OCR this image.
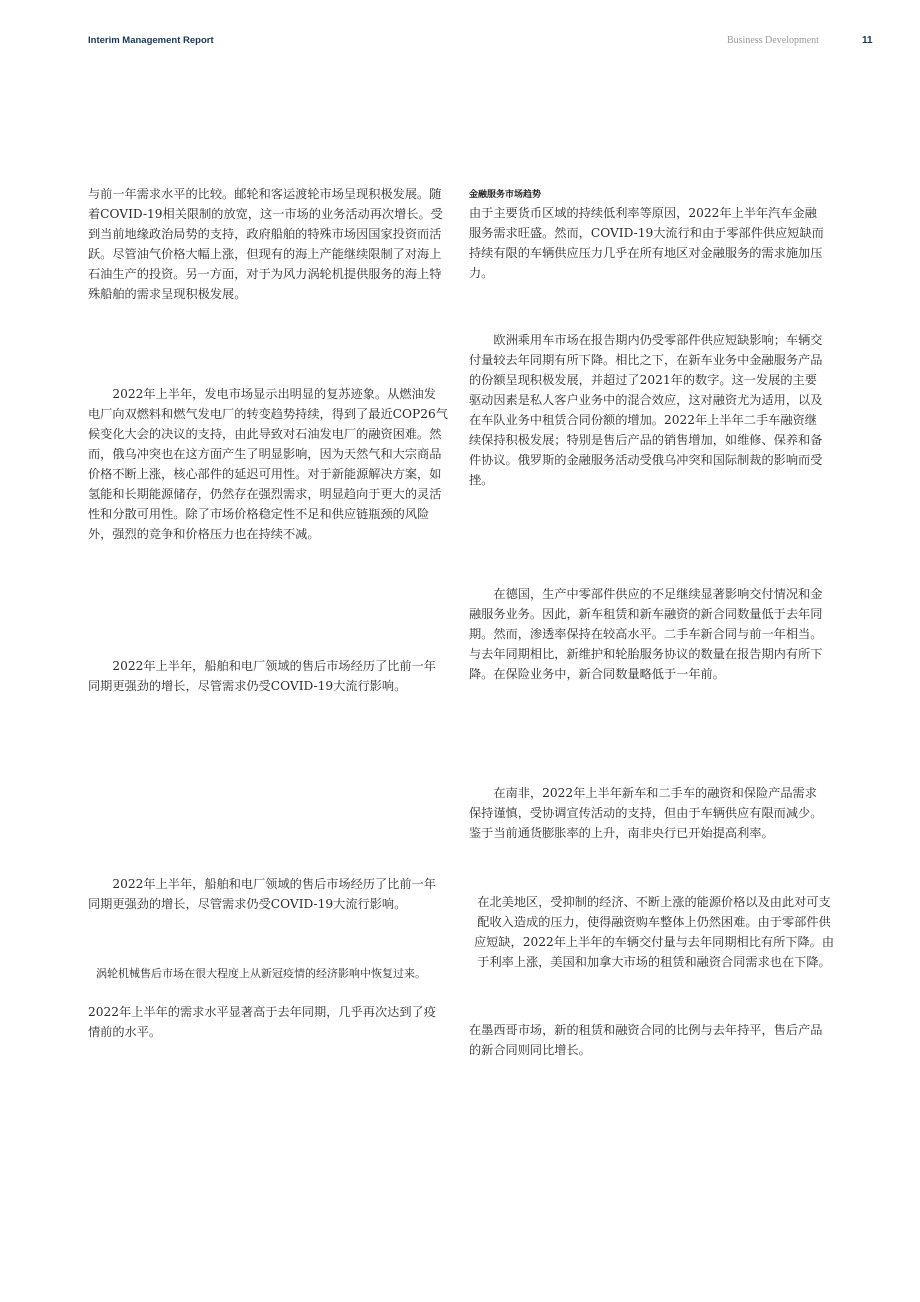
Interim Management Report	Business Development	11

与前一年需求水平的比较。邮轮和客运渡轮市场呈现积极发展。随着COVID-19相关限制的放宽，这一市场的业务活动再次增长。受到当前地缘政治局势的支持，政府船舶的特殊市场因国家投资而活跃。尽管油气价格大幅上涨，但现有的海上产能继续限制了对海上石油生产的投资。另一方面，对于为风力涡轮机提供服务的海上特殊船舶的需求呈现积极发展。

2022年上半年，发电市场显示出明显的复苏迹象。从燃油发电厂向双燃料和燃气发电厂的转变趋势持续，得到了最近COP26气候变化大会的决议的支持，由此导致对石油发电厂的融资困难。然而，俄乌冲突也在这方面产生了明显影响，因为天然气和大宗商品价格不断上涨，核心部件的延迟可用性。对于新能源解决方案，如氢能和长期能源储存，仍然存在强烈需求，明显趋向于更大的灵活性和分散可用性。除了市场价格稳定性不足和供应链瓶颈的风险外，强烈的竞争和价格压力也在持续不减。

2022年上半年，船舶和电厂领域的售后市场经历了比前一年同期更强劲的增长，尽管需求仍受COVID-19大流行影响。

2022年上半年，船舶和电厂领域的售后市场经历了比前一年同期更强劲的增长，尽管需求仍受COVID-19大流行影响。

涡轮机械售后市场在很大程度上从新冠疫情的经济影响中恢复过来。

2022年上半年的需求水平显著高于去年同期，几乎再次达到了疫情前的水平。

金融服务市场趋势

由于主要货币区域的持续低利率等原因，2022年上半年汽车金融服务需求旺盛。然而，COVID-19大流行和由于零部件供应短缺而持续有限的车辆供应压力几乎在所有地区对金融服务的需求施加压力。

欧洲乘用车市场在报告期内仍受零部件供应短缺影响；车辆交付量较去年同期有所下降。相比之下，在新车业务中金融服务产品的份额呈现积极发展，并超过了2021年的数字。这一发展的主要驱动因素是私人客户业务中的混合效应，这对融资尤为适用，以及在车队业务中租赁合同份额的增加。2022年上半年二手车融资继续保持积极发展；特别是售后产品的销售增加，如维修、保养和备件协议。俄罗斯的金融服务活动受俄乌冲突和国际制裁的影响而受挫。

在德国，生产中零部件供应的不足继续显著影响交付情况和金融服务业务。因此，新车租赁和新车融资的新合同数量低于去年同期。然而，渗透率保持在较高水平。二手车新合同与前一年相当。与去年同期相比，新维护和轮胎服务协议的数量在报告期内有所下降。在保险业务中，新合同数量略低于一年前。

在南非，2022年上半年新车和二手车的融资和保险产品需求保持谨慎，受协调宣传活动的支持，但由于车辆供应有限而减少。鉴于当前通货膨胀率的上升，南非央行已开始提高利率。

在北美地区，受抑制的经济、不断上涨的能源价格以及由此对可支配收入造成的压力，使得融资购车整体上仍然困难。由于零部件供应短缺，2022年上半年的车辆交付量与去年同期相比有所下降。由于利率上涨，美国和加拿大市场的租赁和融资合同需求也在下降。

在墨西哥市场，新的租赁和融资合同的比例与去年持平，售后产品的新合同则同比增长。
